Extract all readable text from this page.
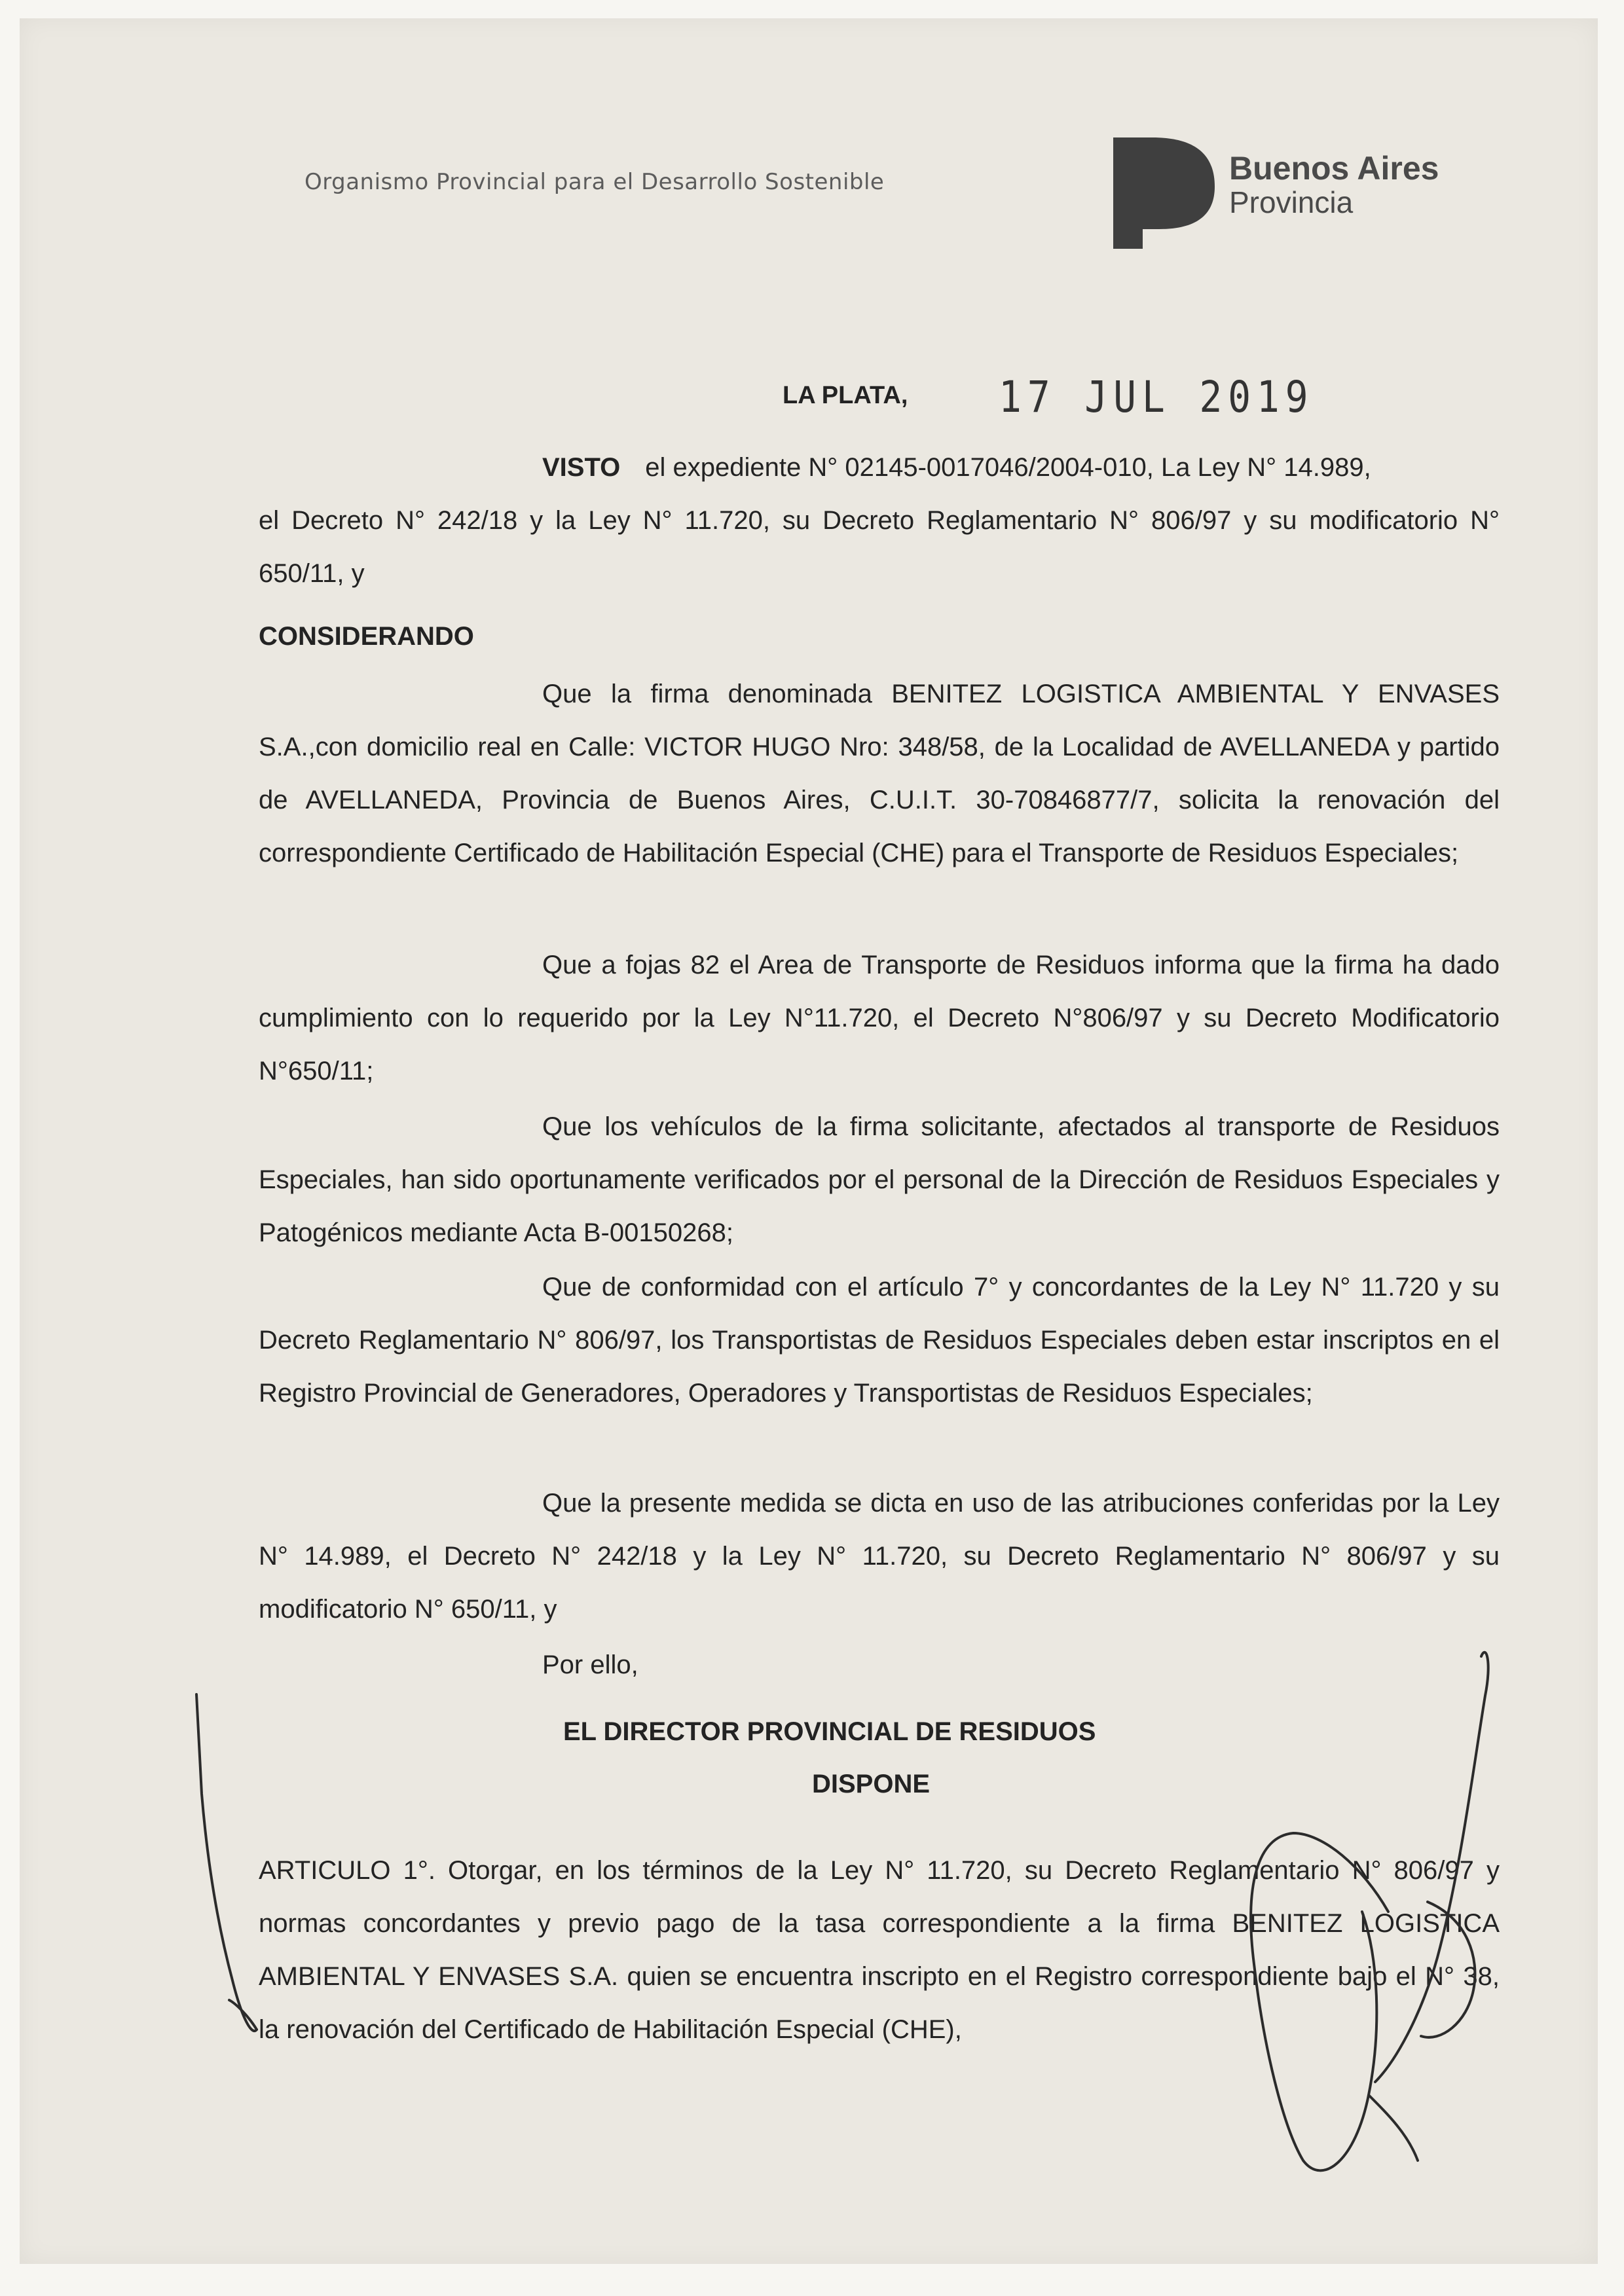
Organismo Provincial para el Desarrollo Sostenible	Buenos Aires
Provincia
LA PLATA, 17 JUL 2019
VISTO el expediente N° 02145-0017046/2004-010, La Ley N° 14.989,
el Decreto N° 242/18 y la Ley N° 11.720, su Decreto Reglamentario N° 806/97 y su modificatorio N° 650/11, y
CONSIDERANDO

Que la firma denominada BENITEZ LOGISTICA AMBIENTAL Y ENVASES S.A.,con domicilio real en Calle: VICTOR HUGO Nro: 348/58, de la Localidad de AVELLANEDA y partido de AVELLANEDA, Provincia de Buenos Aires, C.U.I.T. 30-70846877/7, solicita la renovación del correspondiente Certificado de Habilitación Especial (CHE) para el Transporte de Residuos Especiales;

Que a fojas 82 el Area de Transporte de Residuos informa que la firma ha dado cumplimiento con lo requerido por la Ley N°11.720, el Decreto N°806/97 y su Decreto Modificatorio N°650/11;

Que los vehículos de la firma solicitante, afectados al transporte de Residuos Especiales, han sido oportunamente verificados por el personal de la Dirección de Residuos Especiales y Patogénicos mediante Acta B-00150268;

Que de conformidad con el artículo 7° y concordantes de la Ley N° 11.720 y su Decreto Reglamentario N° 806/97, los Transportistas de Residuos Especiales deben estar inscriptos en el Registro Provincial de Generadores, Operadores y Transportistas de Residuos Especiales;

Que la presente medida se dicta en uso de las atribuciones conferidas por la Ley N° 14.989, el Decreto N° 242/18 y la Ley N° 11.720, su Decreto Reglamentario N° 806/97 y su modificatorio N° 650/11, y

Por ello,

EL DIRECTOR PROVINCIAL DE RESIDUOS
DISPONE

ARTICULO 1°. Otorgar, en los términos de la Ley N° 11.720, su Decreto Reglamentario N° 806/97 y normas concordantes y previo pago de la tasa correspondiente a la firma BENITEZ LOGISTICA AMBIENTAL Y ENVASES S.A. quien se encuentra inscripto en el Registro correspondiente bajo el N° 38, la renovación del Certificado de Habilitación Especial (CHE),
